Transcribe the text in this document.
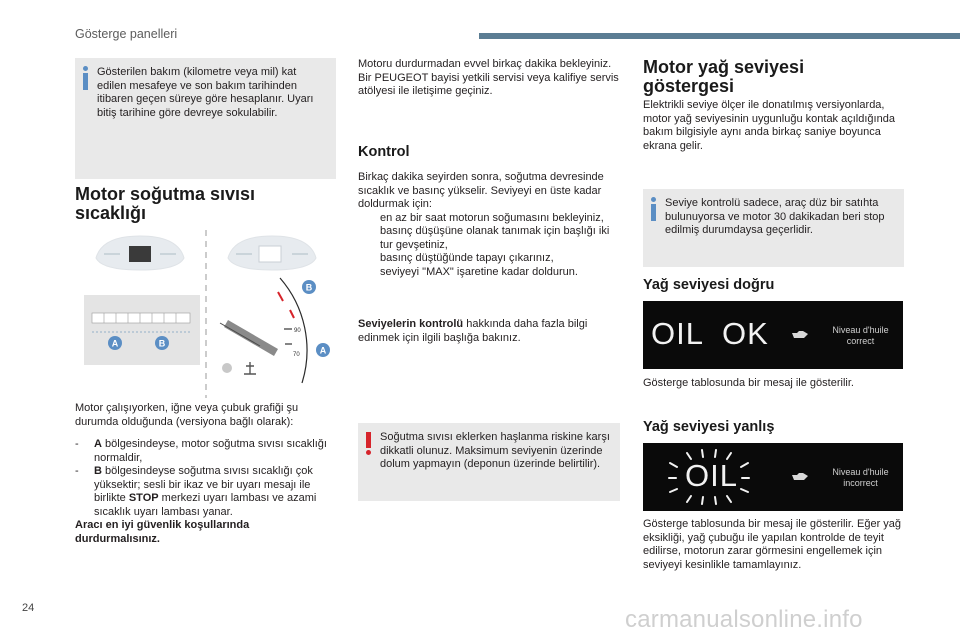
Gösterge panelleri

Gösterilen bakım (kilometre veya mil) kat edilen mesafeye ve son bakım tarihinden itibaren geçen süreye göre hesaplanır. Uyarı bitiş tarihine göre devreye sokulabilir.

Motor soğutma sıvısı sıcaklığı
A	B
90
70
B
A

Motor çalışıyorken, iğne veya çubuk grafiği şu durumda olduğunda (versiyona bağlı olarak):

- A bölgesindeyse, motor soğutma sıvısı sıcaklığı normaldir,
- B bölgesindeyse soğutma sıvısı sıcaklığı çok yüksektir; sesli bir ikaz ve bir uyarı mesajı ile birlikte STOP merkezi uyarı lambası ve azami sıcaklık uyarı lambası yanar.

Aracı en iyi güvenlik koşullarında durdurmalısınız.

Motoru durdurmadan evvel birkaç dakika bekleyiniz. Bir PEUGEOT bayisi yetkili servisi veya kalifiye servis atölyesi ile iletişime geçiniz.

Kontrol

Birkaç dakika seyirden sonra, soğutma devresinde sıcaklık ve basınç yükselir. Seviyeyi en üste kadar doldurmak için:

en az bir saat motorun soğumasını bekleyiniz,
basınç düşüşüne olanak tanımak için başlığı iki tur gevşetiniz,
basınç düştüğünde tapayı çıkarınız,
seviyeyi "MAX" işaretine kadar doldurun.

Seviyelerin kontrolü hakkında daha fazla bilgi edinmek için ilgili başlığa bakınız.

Soğutma sıvısı eklerken haşlanma riskine karşı dikkatli olunuz. Maksimum seviyenin üzerinde dolum yapmayın (deponun üzerinde belirtilir).

Motor yağ seviyesi göstergesi

Elektrikli seviye ölçer ile donatılmış versiyonlarda, motor yağ seviyesinin uygunluğu kontak açıldığında bakım bilgisiyle aynı anda birkaç saniye boyunca ekrana gelir.

Seviye kontrolü sadece, araç düz bir satıhta bulunuyorsa ve motor 30 dakikadan beri stop edilmiş durumdaysa geçerlidir.

Yağ seviyesi doğru
OIL  OK	Niveau d'huile
correct

Gösterge tablosunda bir mesaj ile gösterilir.

Yağ seviyesi yanlış
OIL	Niveau d'huile
incorrect

Gösterge tablosunda bir mesaj ile gösterilir. Eğer yağ eksikliği, yağ çubuğu ile yapılan kontrolde de teyit edilirse, motorun zarar görmesini engellemek için seviyeyi kesinlikle tamamlayınız.

24	carmanualsonline.info
